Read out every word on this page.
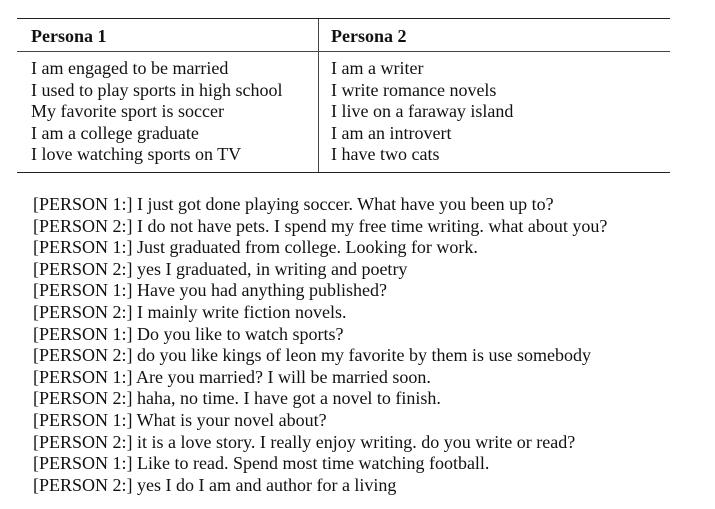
Persona 1	Persona 2
I am engaged to be married
I used to play sports in high school
My favorite sport is soccer
I am a college graduate
I love watching sports on TV
I am a writer
I write romance novels
I live on a faraway island
I am an introvert
I have two cats
[PERSON 1:] I just got done playing soccer. What have you been up to?
[PERSON 2:] I do not have pets. I spend my free time writing. what about you?
[PERSON 1:] Just graduated from college. Looking for work.
[PERSON 2:] yes I graduated, in writing and poetry
[PERSON 1:] Have you had anything published?
[PERSON 2:] I mainly write fiction novels.
[PERSON 1:] Do you like to watch sports?
[PERSON 2:] do you like kings of leon my favorite by them is use somebody
[PERSON 1:] Are you married? I will be married soon.
[PERSON 2:] haha, no time. I have got a novel to finish.
[PERSON 1:] What is your novel about?
[PERSON 2:] it is a love story. I really enjoy writing. do you write or read?
[PERSON 1:] Like to read. Spend most time watching football.
[PERSON 2:] yes I do I am and author for a living
